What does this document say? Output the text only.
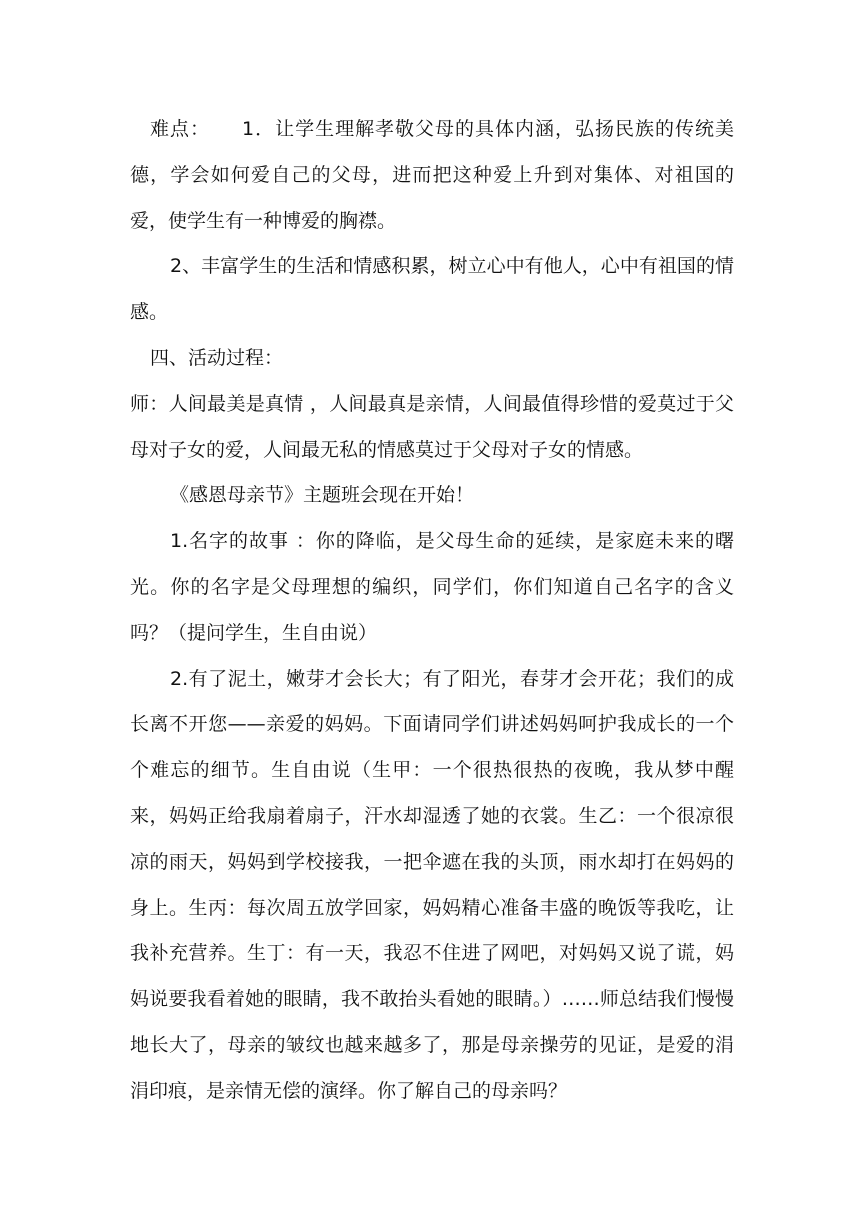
难点： 1．让学生理解孝敬父母的具体内涵，弘扬民族的传统美德，学会如何爱自己的父母，进而把这种爱上升到对集体、对祖国的爱，使学生有一种博爱的胸襟。

2、丰富学生的生活和情感积累，树立心中有他人，心中有祖国的情感。

四、活动过程：

师：人间最美是真情 ，人间最真是亲情，人间最值得珍惜的爱莫过于父母对子女的爱，人间最无私的情感莫过于父母对子女的情感。

《感恩母亲节》主题班会现在开始！

1.名字的故事 ：你的降临，是父母生命的延续，是家庭未来的曙光。你的名字是父母理想的编织，同学们，你们知道自己名字的含义吗？（提问学生，生自由说）

2.有了泥土，嫩芽才会长大；有了阳光，春芽才会开花；我们的成长离不开您——亲爱的妈妈。下面请同学们讲述妈妈呵护我成长的一个个难忘的细节。生自由说（生甲：一个很热很热的夜晚，我从梦中醒来，妈妈正给我扇着扇子，汗水却湿透了她的衣裳。生乙：一个很凉很凉的雨天，妈妈到学校接我，一把伞遮在我的头顶，雨水却打在妈妈的身上。生丙：每次周五放学回家，妈妈精心准备丰盛的晚饭等我吃，让我补充营养。生丁：有一天，我忍不住进了网吧，对妈妈又说了谎，妈妈说要我看着她的眼睛，我不敢抬头看她的眼睛。）……师总结我们慢慢地长大了，母亲的皱纹也越来越多了，那是母亲操劳的见证，是爱的涓涓印痕，是亲情无偿的演绎。你了解自己的母亲吗？
